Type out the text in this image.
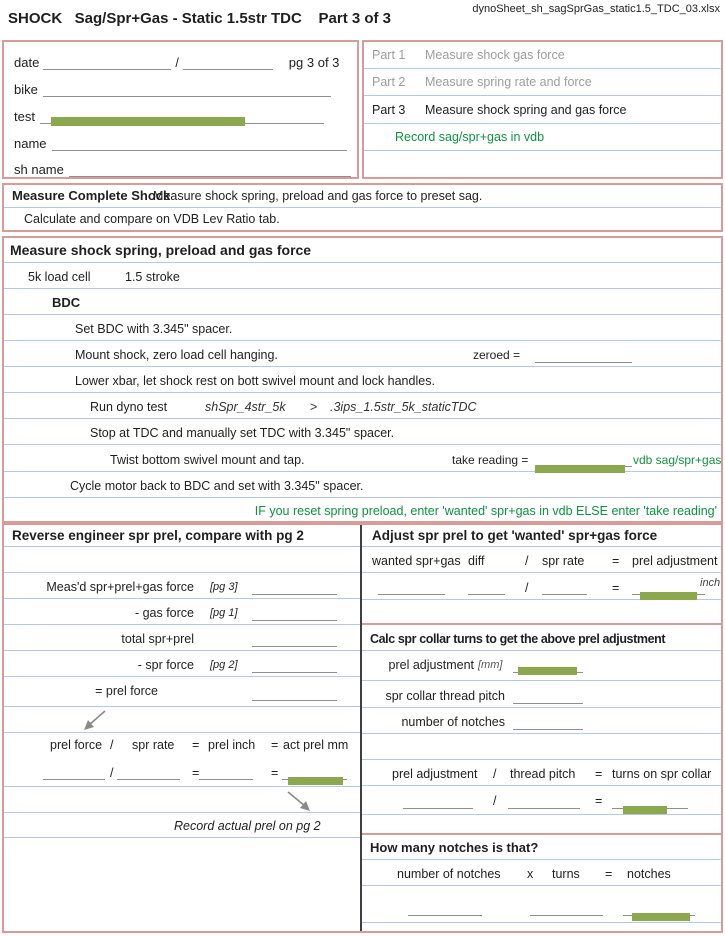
dynoSheet_sh_sagSprGas_static1.5_TDC_03.xlsx
SHOCK   Sag/Spr+Gas - Static 1.5str TDC    Part 3 of 3
date	/	pg 3 of 3
bike
test
name
sh name
Part 1	Measure shock gas force
Part 2	Measure spring rate and force
Part 3	Measure shock spring and gas force
Record sag/spr+gas in vdb
Measure Complete Shock
Measure shock spring, preload and gas force to preset sag.
Calculate and compare on VDB Lev Ratio tab.
Measure shock spring, preload and gas force
5k load cell	1.5 stroke
BDC
Set BDC with 3.345" spacer.
Mount shock, zero load cell hanging.	zeroed =
Lower xbar, let shock rest on bott swivel mount and lock handles.
Run dyno test	shSpr_4str_5k > .3ips_1.5str_5k_staticTDC
Stop at TDC and manually set TDC with 3.345" spacer.
Twist bottom swivel mount and tap.	take reading =	vdb sag/spr+gas
Cycle motor back to BDC and set with 3.345" spacer.
IF you reset spring preload, enter 'wanted' spr+gas in vdb ELSE enter 'take reading'
Reverse engineer spr prel, compare with pg 2
Meas'd spr+prel+gas force [pg 3]
- gas force [pg 1]
total spr+prel
- spr force [pg 2]
= prel force
prel force / spr rate = prel inch = act prel mm
/	=	=
Record actual prel on pg 2
Adjust spr prel to get 'wanted' spr+gas force
wanted spr+gas diff	/ spr rate = prel adjustment
inch
/	=
Calc spr collar turns to get the above prel adjustment
prel adjustment [mm]
spr collar thread pitch
number of notches
prel adjustment / thread pitch = turns on spr collar
/	=
How many notches is that?
number of notches x turns = notches
